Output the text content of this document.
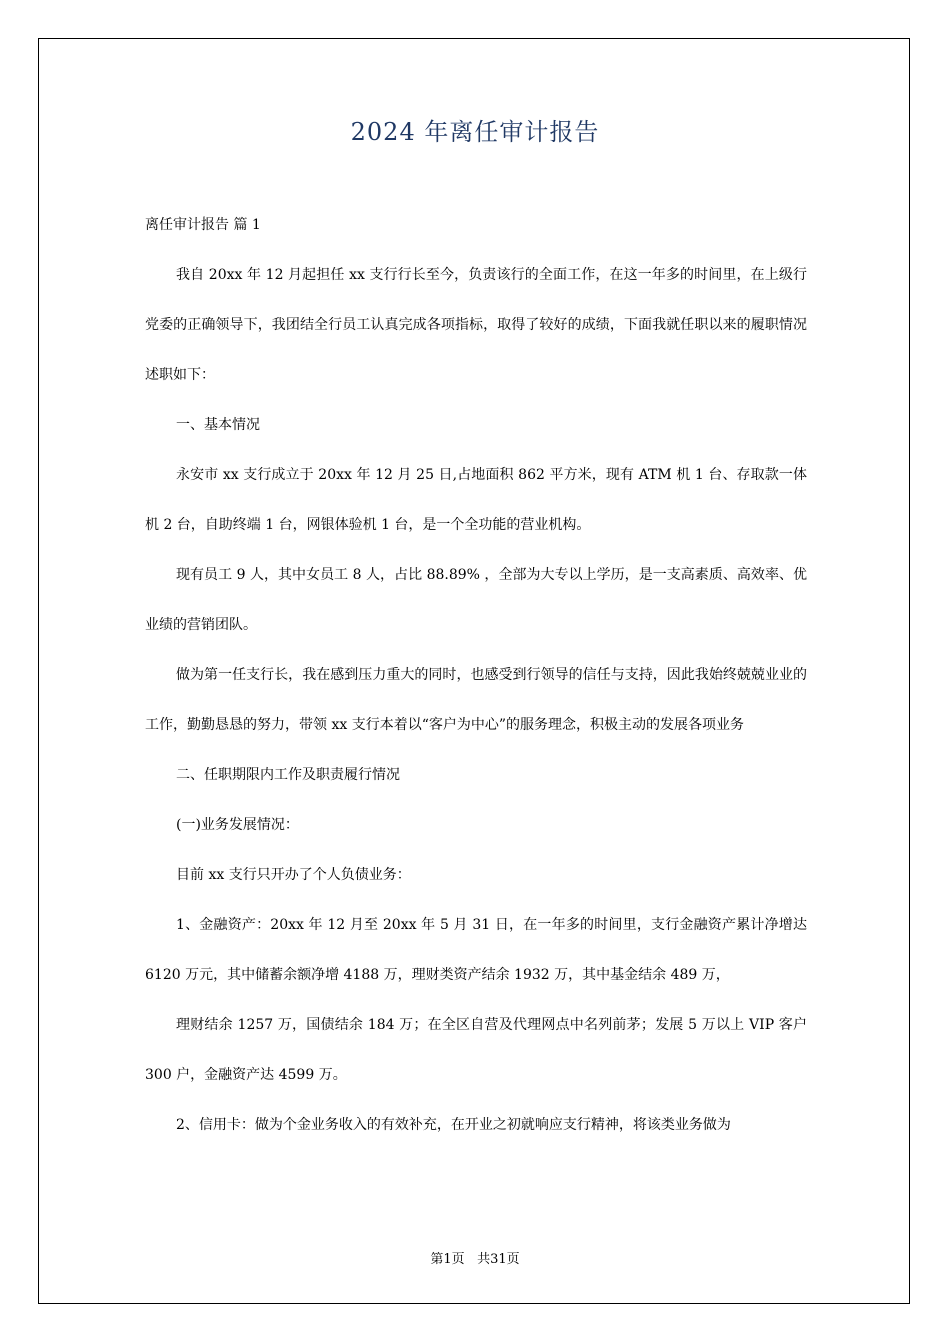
2024 年离任审计报告

离任审计报告 篇 1

我自 20xx 年 12 月起担任 xx 支行行长至今，负责该行的全面工作，在这一年多的时间里，在上级行党委的正确领导下，我团结全行员工认真完成各项指标，取得了较好的成绩，下面我就任职以来的履职情况述职如下：

一、基本情况

永安市 xx 支行成立于 20xx 年 12 月 25 日,占地面积 862 平方米，现有 ATM 机 1 台、存取款一体机 2 台，自助终端 1 台，网银体验机 1 台，是一个全功能的营业机构。

现有员工 9 人，其中女员工 8 人，占比 88.89% ，全部为大专以上学历，是一支高素质、高效率、优业绩的营销团队。

做为第一任支行长，我在感到压力重大的同时，也感受到行领导的信任与支持，因此我始终兢兢业业的工作，勤勤恳恳的努力，带领 xx 支行本着以“客户为中心”的服务理念，积极主动的发展各项业务

二、任职期限内工作及职责履行情况

(一)业务发展情况：

目前 xx 支行只开办了个人负债业务：

1、金融资产：20xx 年 12 月至 20xx 年 5 月 31 日，在一年多的时间里，支行金融资产累计净增达 6120 万元，其中储蓄余额净增 4188 万，理财类资产结余 1932 万，其中基金结余 489 万，

理财结余 1257 万，国债结余 184 万；在全区自营及代理网点中名列前茅；发展 5 万以上 VIP 客户 300 户，金融资产达 4599 万。

2、信用卡：做为个金业务收入的有效补充，在开业之初就响应支行精神，将该类业务做为

第1页 共31页
